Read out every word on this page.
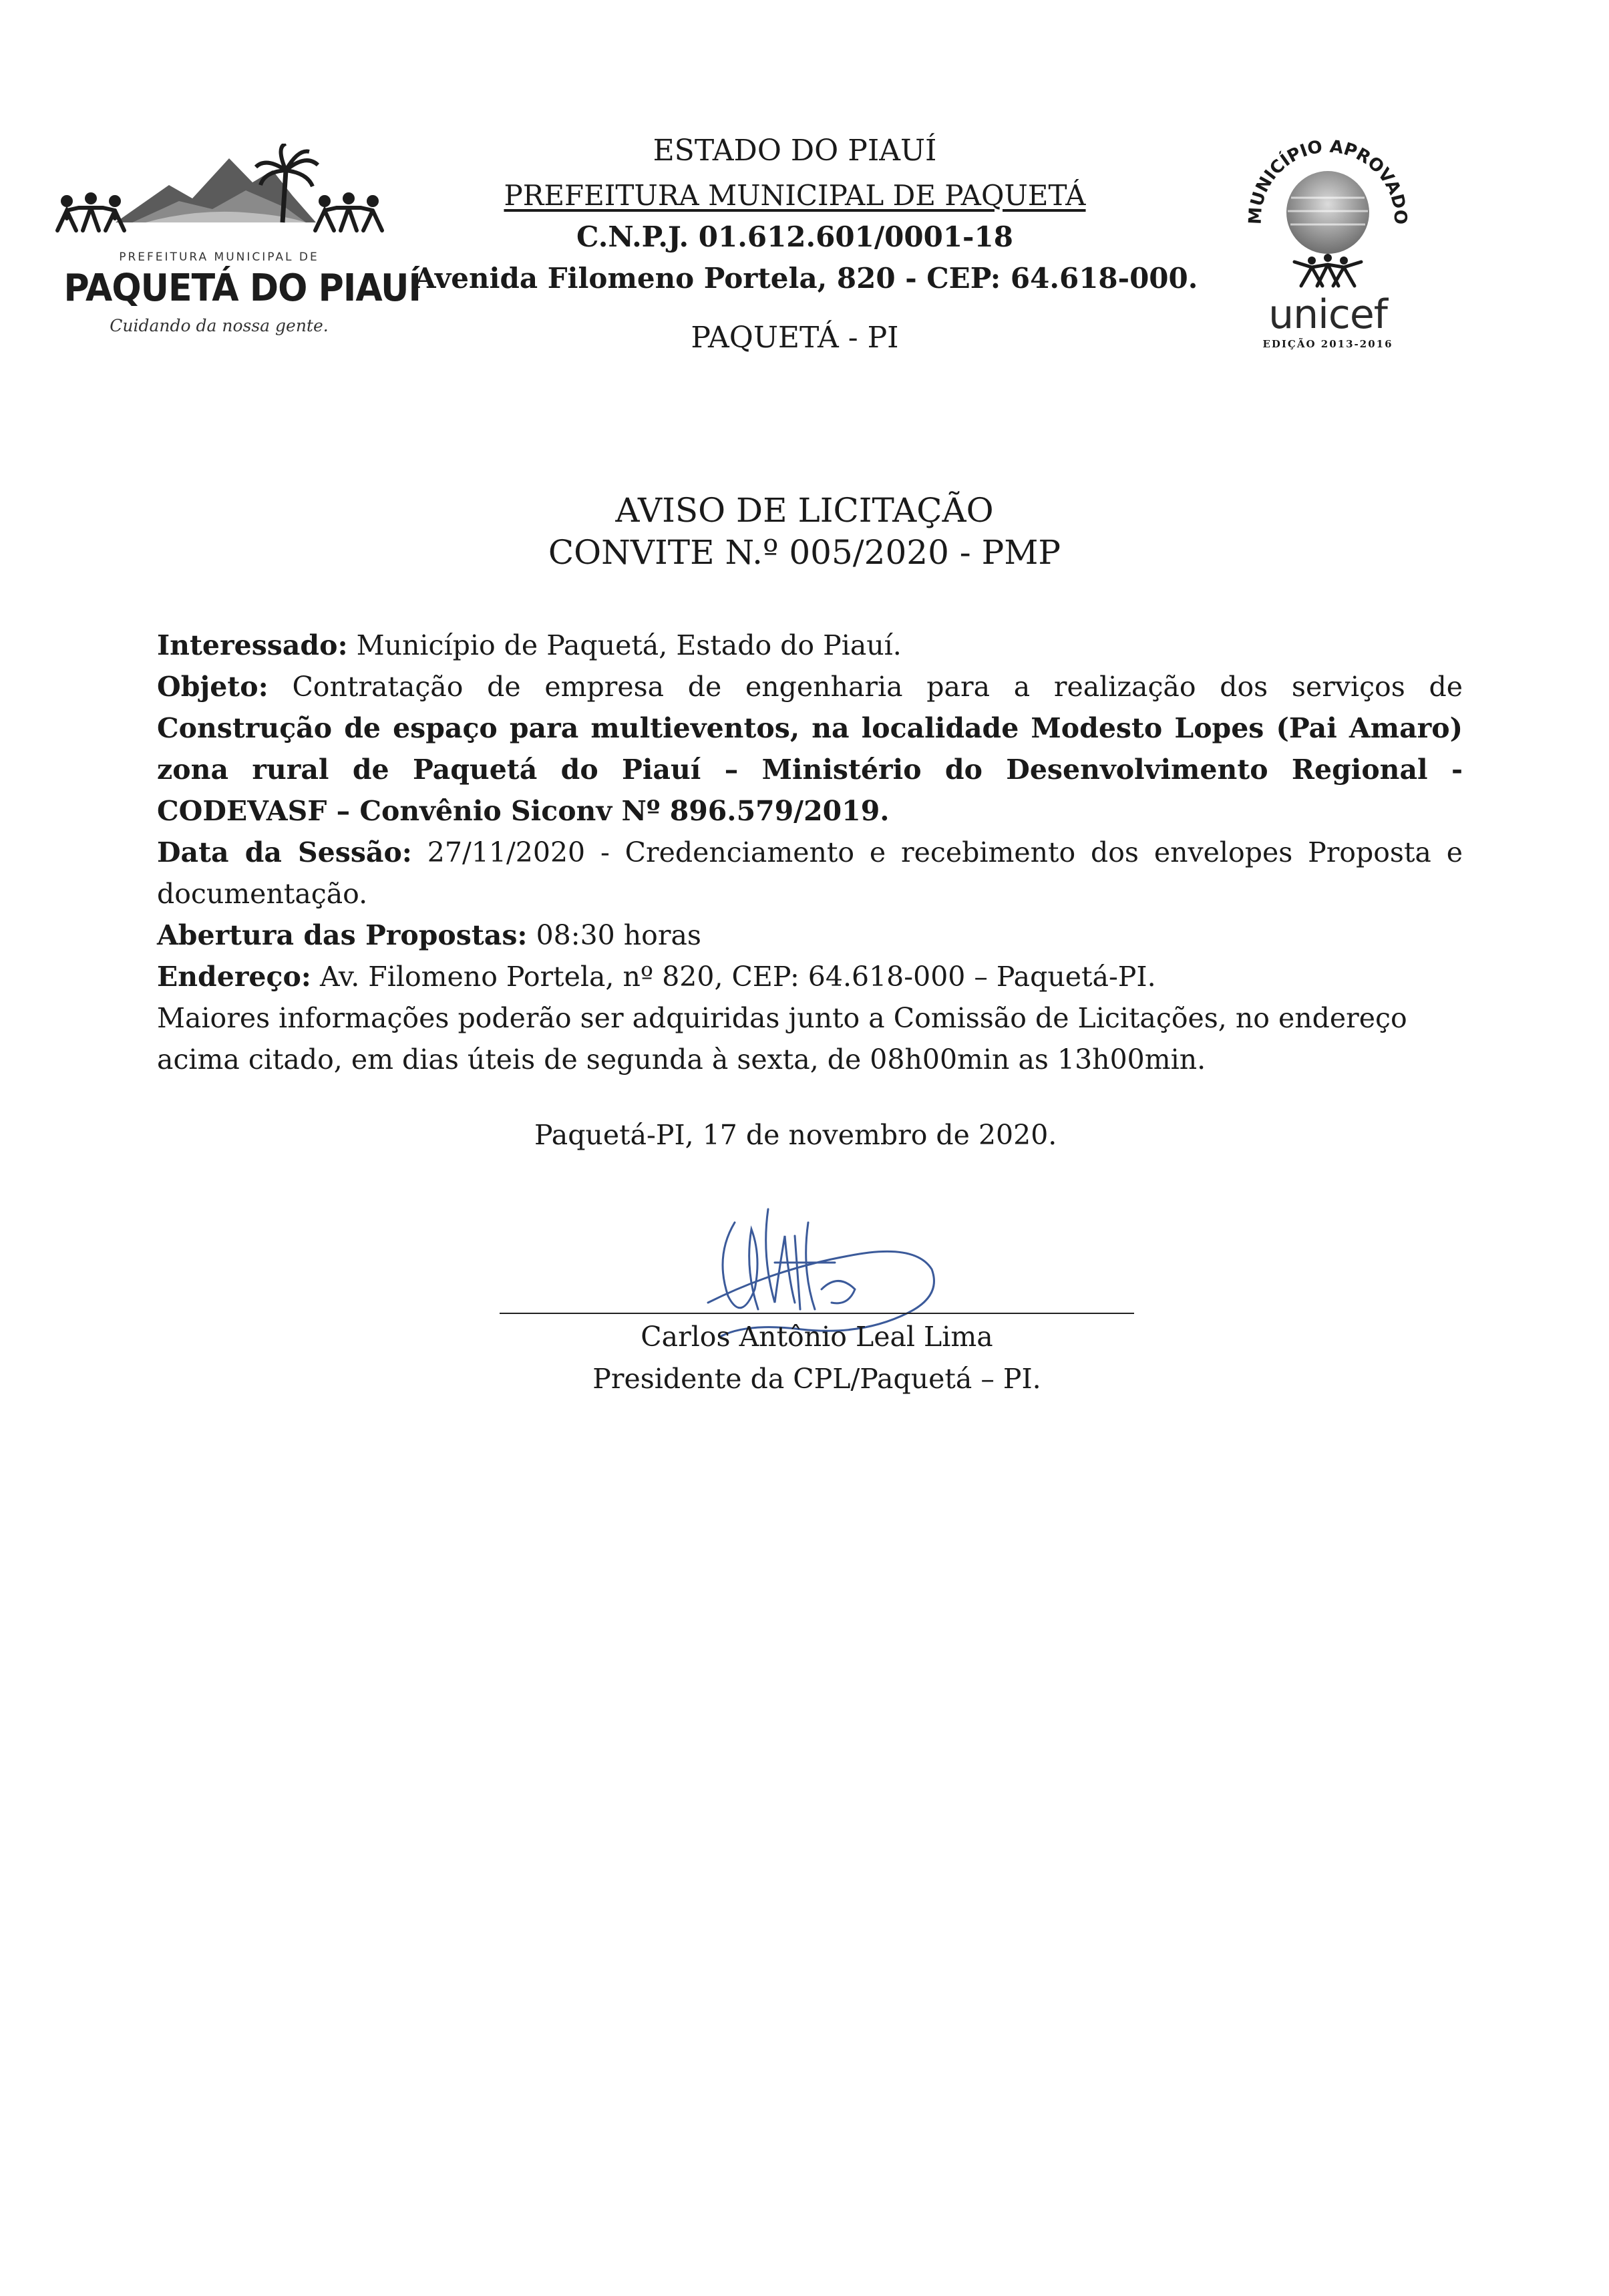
PREFEITURA MUNICIPAL DE
PAQUETÁ DO PIAUÍ
Cuidando da nossa gente.
ESTADO DO PIAUÍ
PREFEITURA MUNICIPAL DE PAQUETÁ
C.N.P.J. 01.612.601/0001-18
Avenida Filomeno Portela, 820 - CEP: 64.618-000.
PAQUETÁ - PI
MUNICÍPIO APROVADO
unicef
EDIÇÃO 2013-2016
AVISO DE LICITAÇÃO
CONVITE N.º 005/2020 - PMP

Interessado: Município de Paquetá, Estado do Piauí.

Objeto: Contratação de empresa de engenharia para a realização dos serviços de Construção de espaço para multieventos, na localidade Modesto Lopes (Pai Amaro) zona rural de Paquetá do Piauí – Ministério do Desenvolvimento Regional - CODEVASF – Convênio Siconv Nº 896.579/2019.

Data da Sessão: 27/11/2020 - Credenciamento e recebimento dos envelopes Proposta e documentação.

Abertura das Propostas: 08:30 horas

Endereço: Av. Filomeno Portela, nº 820, CEP: 64.618-000 – Paquetá-PI.

Maiores informações poderão ser adquiridas junto a Comissão de Licitações, no endereço acima citado, em dias úteis de segunda à sexta, de 08h00min as 13h00min.

Paquetá-PI, 17 de novembro de 2020.
Carlos Antônio Leal Lima
Presidente da CPL/Paquetá – PI.
